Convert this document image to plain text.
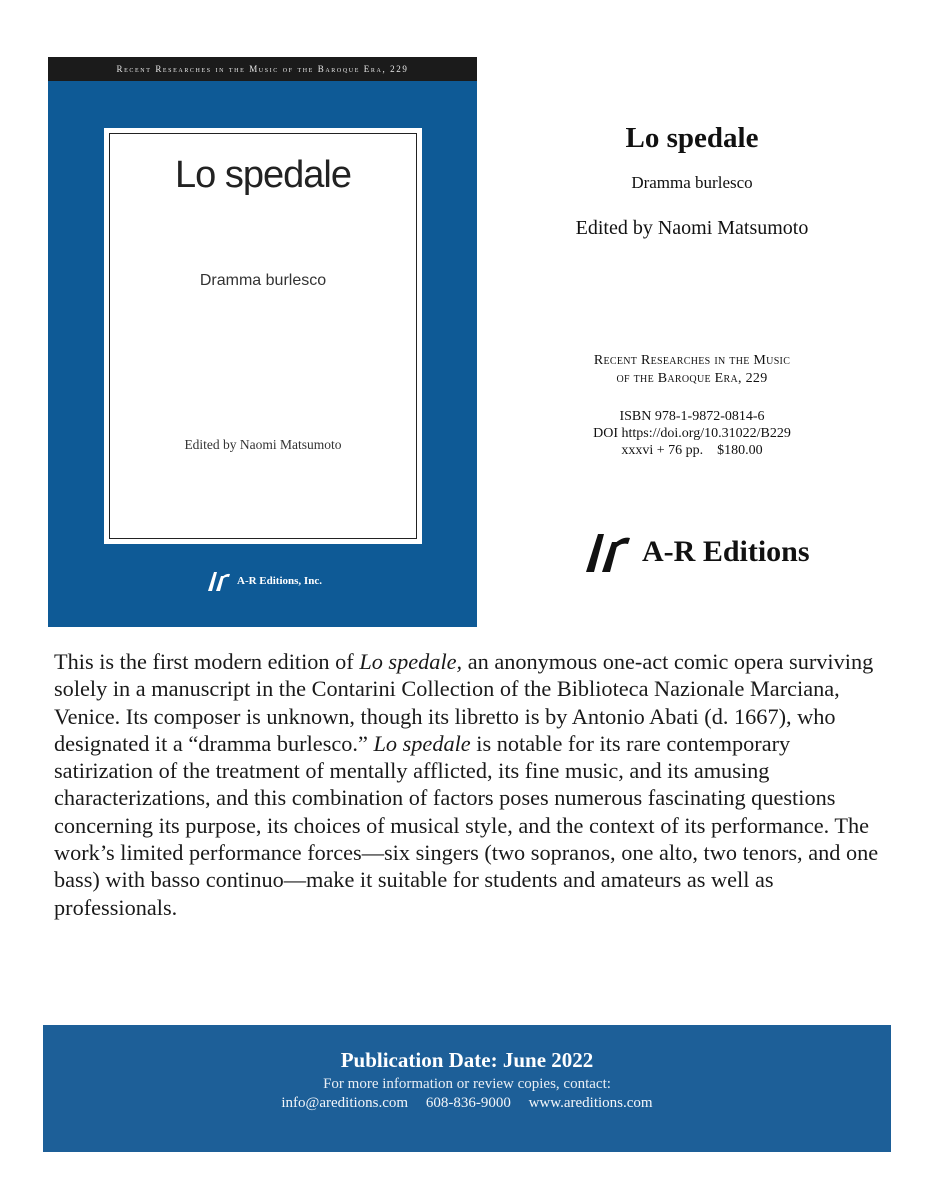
Recent Researches in the Music of the Baroque Era, 229
Lo spedale
Dramma burlesco
Edited by Naomi Matsumoto
A-R Editions, Inc.
Lo spedale
Dramma burlesco
Edited by Naomi Matsumoto
Recent Researches in the Music
of the Baroque Era, 229
ISBN 978-1-9872-0814-6
DOI https://doi.org/10.31022/B229
xxxvi + 76 pp.    $180.00
A-R Editions
This is the first modern edition of Lo spedale, an anonymous one-act comic opera surviving solely in a manuscript in the Contarini Collection of the Biblioteca Nazionale Marciana, Venice. Its composer is unknown, though its libretto is by Antonio Abati (d. 1667), who designated it a “dramma burlesco.” Lo spedale is notable for its rare contemporary satirization of the treatment of mentally afflicted, its fine music, and its amusing characterizations, and this combination of factors poses numerous fascinating questions concerning its purpose, its choices of musical style, and the context of its performance. The work’s limited performance forces—six singers (two sopranos, one alto, two tenors, and one bass) with basso continuo—make it suitable for students and amateurs as well as professionals.
Publication Date: June 2022
For more information or review copies, contact:
info@areditions.com 608-836-9000 www.areditions.com
